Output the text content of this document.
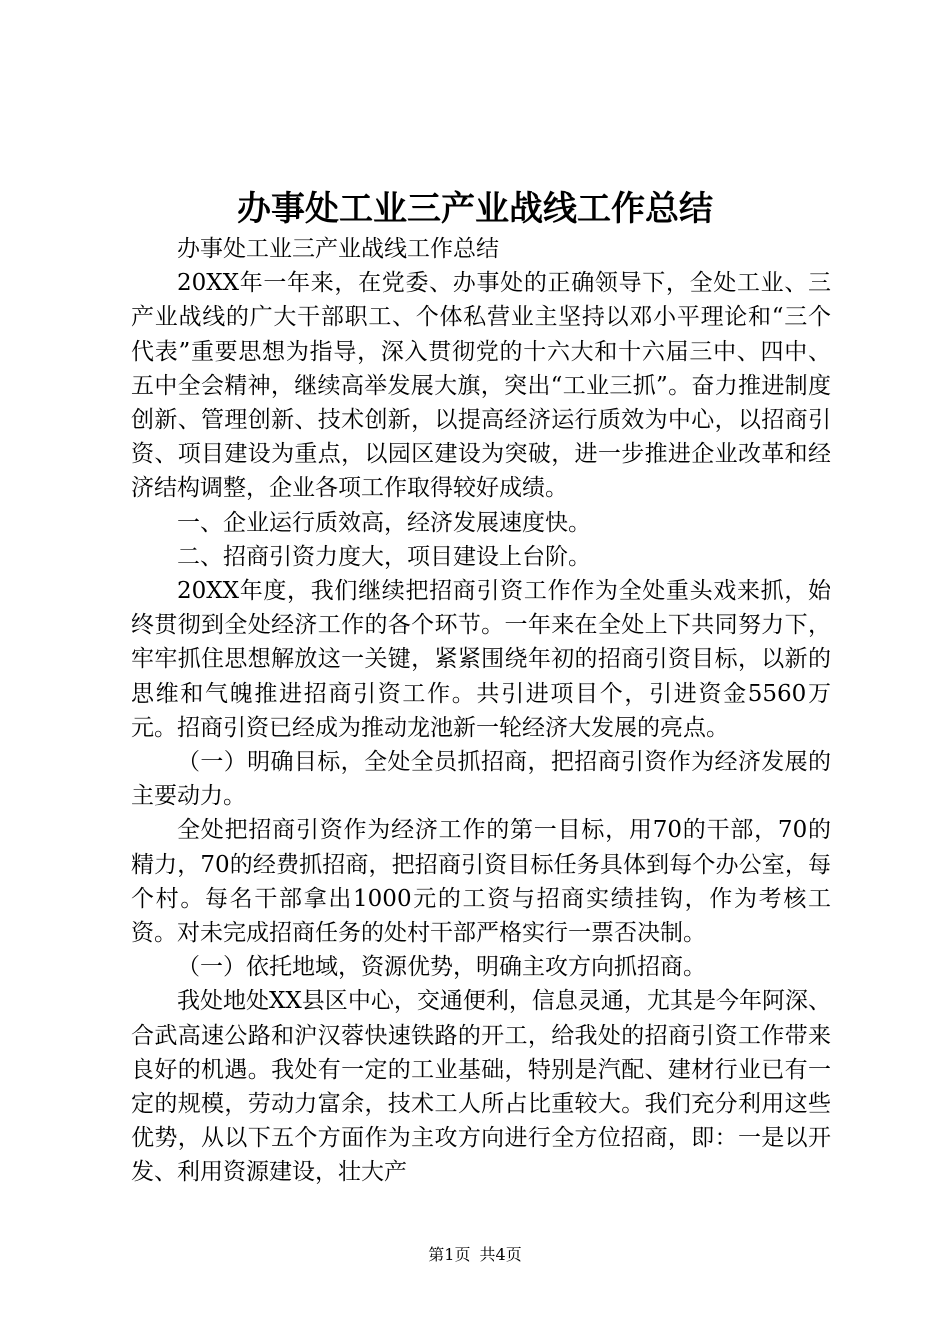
办事处工业三产业战线工作总结

办事处工业三产业战线工作总结

20XX年一年来，在党委、办事处的正确领导下，全处工业、三产业战线的广大干部职工、个体私营业主坚持以邓小平理论和“三个代表”重要思想为指导，深入贯彻党的十六大和十六届三中、四中、五中全会精神，继续高举发展大旗，突出“工业三抓”。奋力推进制度创新、管理创新、技术创新，以提高经济运行质效为中心，以招商引资、项目建设为重点，以园区建设为突破，进一步推进企业改革和经济结构调整，企业各项工作取得较好成绩。

一、企业运行质效高，经济发展速度快。

二、招商引资力度大，项目建设上台阶。

20XX年度，我们继续把招商引资工作作为全处重头戏来抓，始终贯彻到全处经济工作的各个环节。一年来在全处上下共同努力下，牢牢抓住思想解放这一关键，紧紧围绕年初的招商引资目标，以新的思维和气魄推进招商引资工作。共引进项目个，引进资金5560万元。招商引资已经成为推动龙池新一轮经济大发展的亮点。

（一）明确目标，全处全员抓招商，把招商引资作为经济发展的主要动力。

全处把招商引资作为经济工作的第一目标，用70的干部，70的精力，70的经费抓招商，把招商引资目标任务具体到每个办公室，每个村。每名干部拿出1000元的工资与招商实绩挂钩，作为考核工资。对未完成招商任务的处村干部严格实行一票否决制。

（一）依托地域，资源优势，明确主攻方向抓招商。

我处地处XX县区中心，交通便利，信息灵通，尤其是今年阿深、合武高速公路和沪汉蓉快速铁路的开工，给我处的招商引资工作带来良好的机遇。我处有一定的工业基础，特别是汽配、建材行业已有一定的规模，劳动力富余，技术工人所占比重较大。我们充分利用这些优势，从以下五个方面作为主攻方向进行全方位招商，即：一是以开发、利用资源建设，壮大产

第1页 共4页
